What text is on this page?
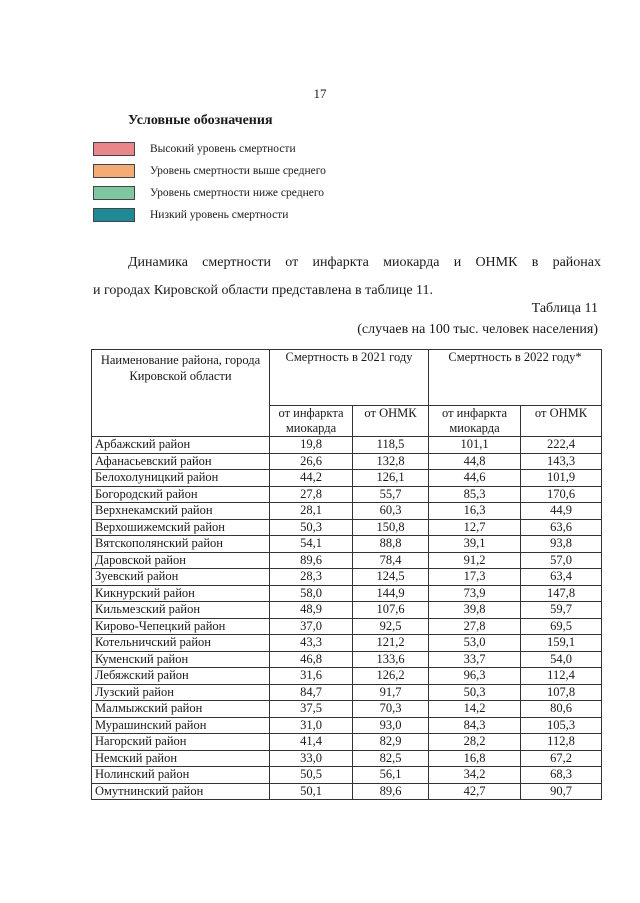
17
Условные обозначения
Высокий уровень смертности
Уровень смертности выше среднего
Уровень смертности ниже среднего
Низкий уровень смертности
Динамика смертности от инфаркта миокарда и ОНМК в районах
и городах Кировской области представлена в таблице 11.
Таблица 11
(случаев на 100 тыс. человек населения)
Наименование района, города Кировской области	Смертность в 2021 году		Смертность в 2022 году*	
	от инфаркта миокарда	от ОНМК	от инфаркта миокарда	от ОНМК
Арбажский район	19,8	118,5	101,1	222,4
Афанасьевский район	26,6	132,8	44,8	143,3
Белохолуницкий район	44,2	126,1	44,6	101,9
Богородский район	27,8	55,7	85,3	170,6
Верхнекамский район	28,1	60,3	16,3	44,9
Верхошижемский район	50,3	150,8	12,7	63,6
Вятскополянский район	54,1	88,8	39,1	93,8
Даровской район	89,6	78,4	91,2	57,0
Зуевский район	28,3	124,5	17,3	63,4
Кикнурский район	58,0	144,9	73,9	147,8
Кильмезский район	48,9	107,6	39,8	59,7
Кирово-Чепецкий район	37,0	92,5	27,8	69,5
Котельничский район	43,3	121,2	53,0	159,1
Куменский район	46,8	133,6	33,7	54,0
Лебяжский район	31,6	126,2	96,3	112,4
Лузский район	84,7	91,7	50,3	107,8
Малмыжский район	37,5	70,3	14,2	80,6
Мурашинский район	31,0	93,0	84,3	105,3
Нагорский район	41,4	82,9	28,2	112,8
Немский район	33,0	82,5	16,8	67,2
Нолинский район	50,5	56,1	34,2	68,3
Омутнинский район	50,1	89,6	42,7	90,7
